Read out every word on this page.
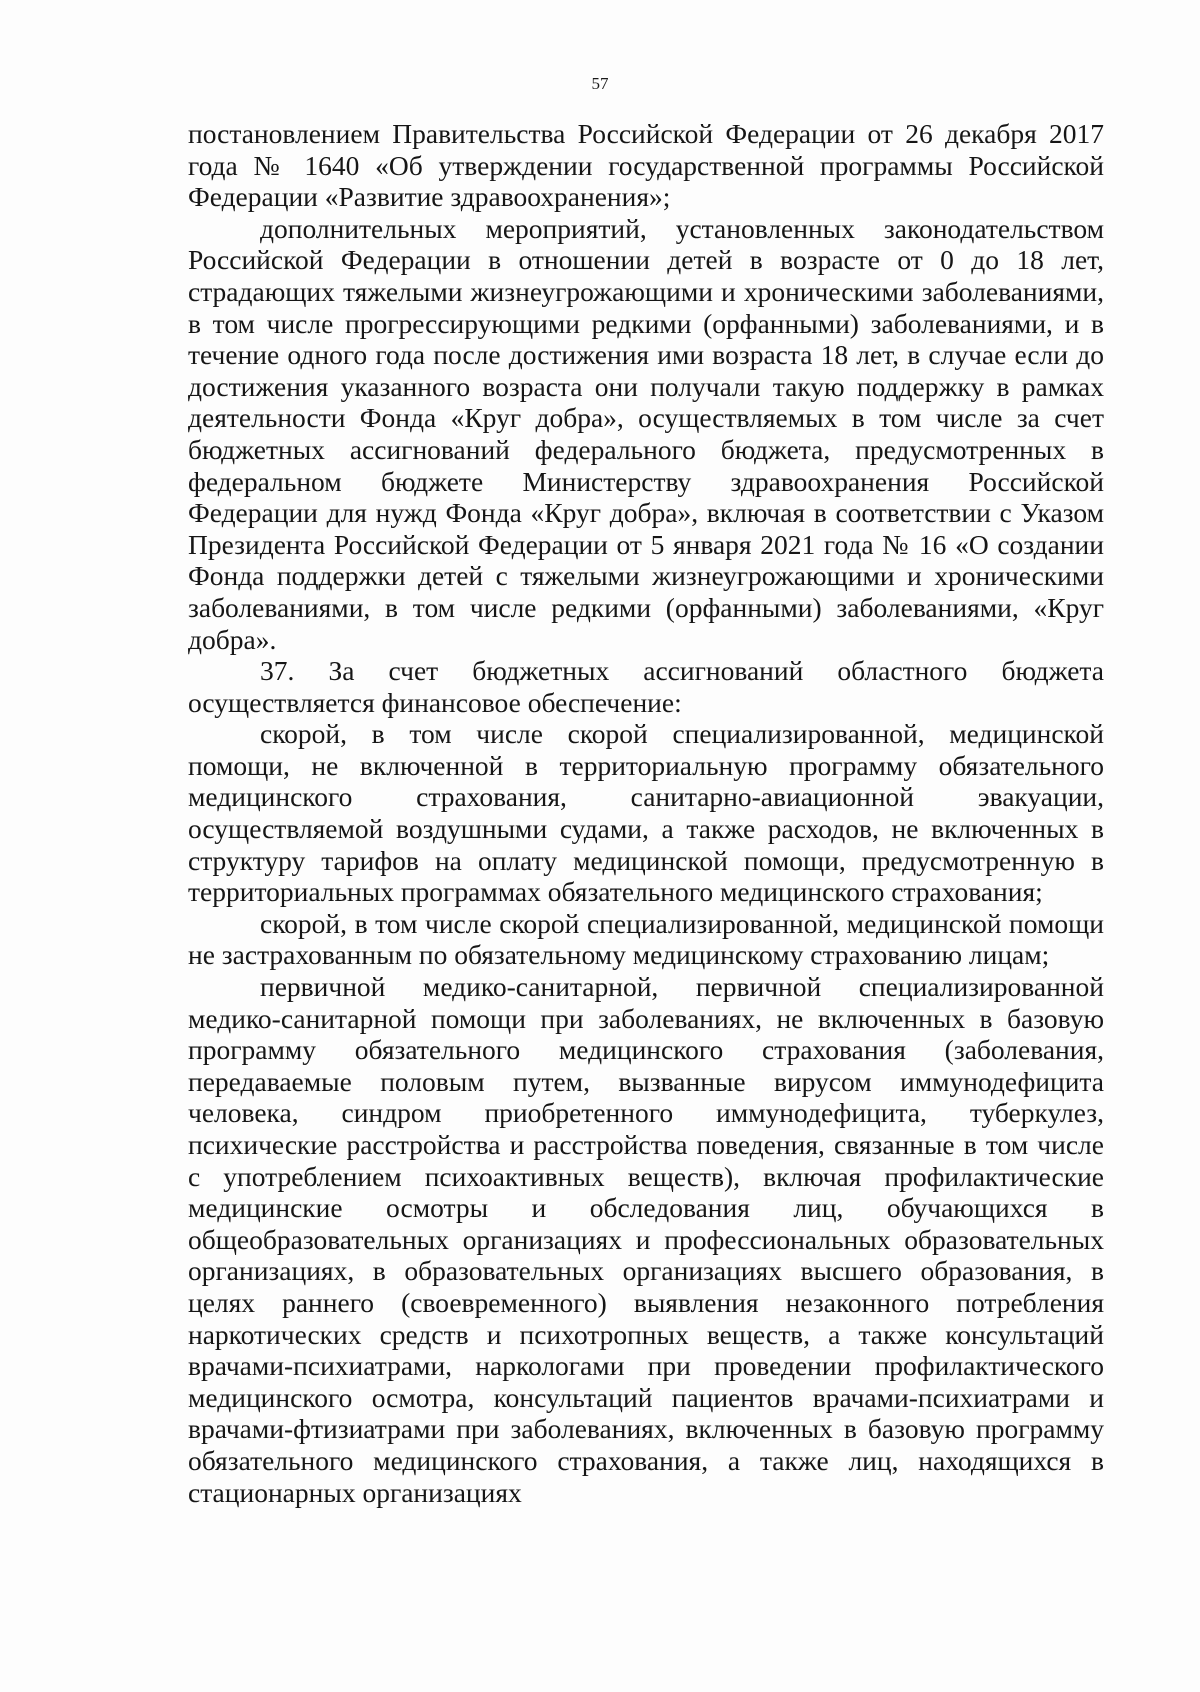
57

постановлением Правительства Российской Федерации от 26 декабря 2017 года № 1640 «Об утверждении государственной программы Российской Федерации «Развитие здравоохранения»;

дополнительных мероприятий, установленных законодательством Российской Федерации в отношении детей в возрасте от 0 до 18 лет, страдающих тяжелыми жизнеугрожающими и хроническими заболеваниями, в том числе прогрессирующими редкими (орфанными) заболеваниями, и в течение одного года после достижения ими возраста 18 лет, в случае если до достижения указанного возраста они получали такую поддержку в рамках деятельности Фонда «Круг добра», осуществляемых в том числе за счет бюджетных ассигнований федерального бюджета, предусмотренных в федеральном бюджете Министерству здравоохранения Российской Федерации для нужд Фонда «Круг добра», включая в соответствии с Указом Президента Российской Федерации от 5 января 2021 года № 16 «О создании Фонда поддержки детей с тяжелыми жизнеугрожающими и хроническими заболеваниями, в том числе редкими (орфанными) заболеваниями, «Круг добра».

37. За счет бюджетных ассигнований областного бюджета осуществляется финансовое обеспечение:

скорой, в том числе скорой специализированной, медицинской помощи, не включенной в территориальную программу обязательного медицинского страхования, санитарно-авиационной эвакуации, осуществляемой воздушными судами, а также расходов, не включенных в структуру тарифов на оплату медицинской помощи, предусмотренную в территориальных программах обязательного медицинского страхования;

скорой, в том числе скорой специализированной, медицинской помощи не застрахованным по обязательному медицинскому страхованию лицам;

первичной медико-санитарной, первичной специализированной медико-санитарной помощи при заболеваниях, не включенных в базовую программу обязательного медицинского страхования (заболевания, передаваемые половым путем, вызванные вирусом иммунодефицита человека, синдром приобретенного иммунодефицита, туберкулез, психические расстройства и расстройства поведения, связанные в том числе с употреблением психоактивных веществ), включая профилактические медицинские осмотры и обследования лиц, обучающихся в общеобразовательных организациях и профессиональных образовательных организациях, в образовательных организациях высшего образования, в целях раннего (своевременного) выявления незаконного потребления наркотических средств и психотропных веществ, а также консультаций врачами-психиатрами, наркологами при проведении профилактического медицинского осмотра, консультаций пациентов врачами-психиатрами и врачами-фтизиатрами при заболеваниях, включенных в базовую программу обязательного медицинского страхования, а также лиц, находящихся в стационарных организациях
